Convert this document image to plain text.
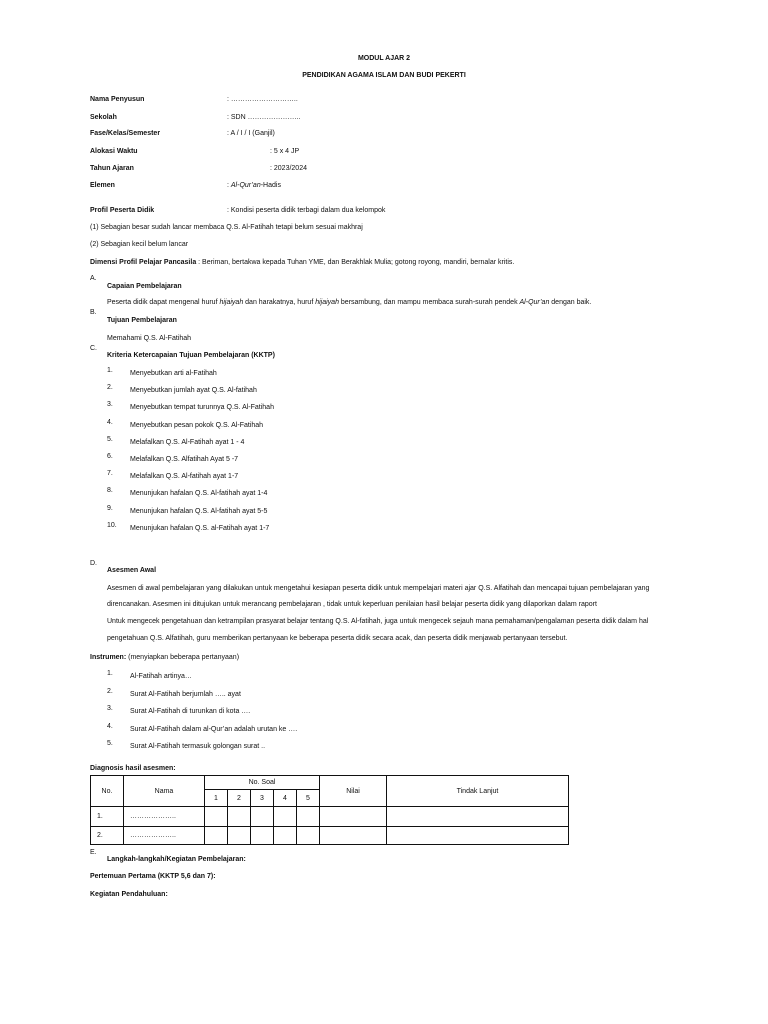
MODUL AJAR 2
PENDIDIKAN AGAMA ISLAM DAN BUDI PEKERTI
Nama Penyusun	: ………………………..
Sekolah	: SDN …………………..
Fase/Kelas/Semester	: A / I / I (Ganjil)
Alokasi Waktu	: 5 x 4 JP
Tahun Ajaran	: 2023/2024
Elemen	: Al-Qur’an-Hadis
Profil Peserta Didik	: Kondisi peserta didik terbagi dalam dua kelompok
(1) Sebagian besar sudah lancar membaca Q.S. Al-Fatihah tetapi belum sesuai makhraj
(2) Sebagian kecil belum lancar
Dimensi Profil Pelajar Pancasila : Beriman, bertakwa kepada Tuhan YME, dan Berakhlak Mulia; gotong royong, mandiri, bernalar kritis.
A.
Capaian Pembelajaran
Peserta didik dapat mengenal huruf hijaiyah dan harakatnya, huruf hijaiyah bersambung, dan mampu membaca surah-surah pendek Al-Qur’an dengan baik.
B.
Tujuan Pembelajaran
Memahami Q.S. Al-Fatihah
C.
Kriteria Ketercapaian Tujuan Pembelajaran (KKTP)
1. Menyebutkan arti al-Fatihah
2. Menyebutkan jumlah ayat Q.S. Al-fatihah
3. Menyebutkan tempat turunnya Q.S. Al-Fatihah
4. Menyebutkan pesan pokok Q.S. Al-Fatihah
5. Melafalkan Q.S. Al-Fatihah ayat 1 - 4
6. Melafalkan Q.S. Alfatihah Ayat 5 -7
7. Melafalkan Q.S. Al-fatihah ayat 1-7
8. Menunjukan hafalan Q.S. Al-fatihah ayat 1-4
9. Menunjukan hafalan Q.S. Al-fatihah ayat 5-5
10. Menunjukan hafalan Q.S. al-Fatihah ayat 1-7
D.
Asesmen Awal
Asesmen di awal pembelajaran yang dilakukan untuk mengetahui kesiapan peserta didik untuk mempelajari materi ajar Q.S. Alfatihah dan mencapai tujuan pembelajaran yang
direncanakan. Asesmen ini ditujukan untuk merancang pembelajaran , tidak untuk keperluan penilaian hasil belajar peserta didik yang dilaporkan dalam raport
Untuk mengecek pengetahuan dan ketrampilan prasyarat belajar tentang Q.S. Al-fatihah, juga untuk mengecek sejauh mana pemahaman/pengalaman peserta didik dalam hal
pengetahuan Q.S. Alfatihah, guru memberikan pertanyaan ke beberapa peserta didik secara acak, dan peserta didik menjawab pertanyaan tersebut.
Instrumen: (menyiapkan beberapa pertanyaan)
1. Al-Fatihah artinya…
2. Surat Al-Fatihah berjumlah ….. ayat
3. Surat Al-Fatihah di turunkan di kota ….
4. Surat Al-Fatihah dalam al-Qur’an adalah urutan ke ….
5. Surat Al-Fatihah termasuk golongan surat ..
Diagnosis hasil asesmen:
No.	Nama	No. Soal					Nilai	Tindak Lanjut
		1	2	3	4	5		
1.	………………..							
2.	………………..							
E.
Langkah-langkah/Kegiatan Pembelajaran:
Pertemuan Pertama (KKTP 5,6 dan 7):
Kegiatan Pendahuluan:
